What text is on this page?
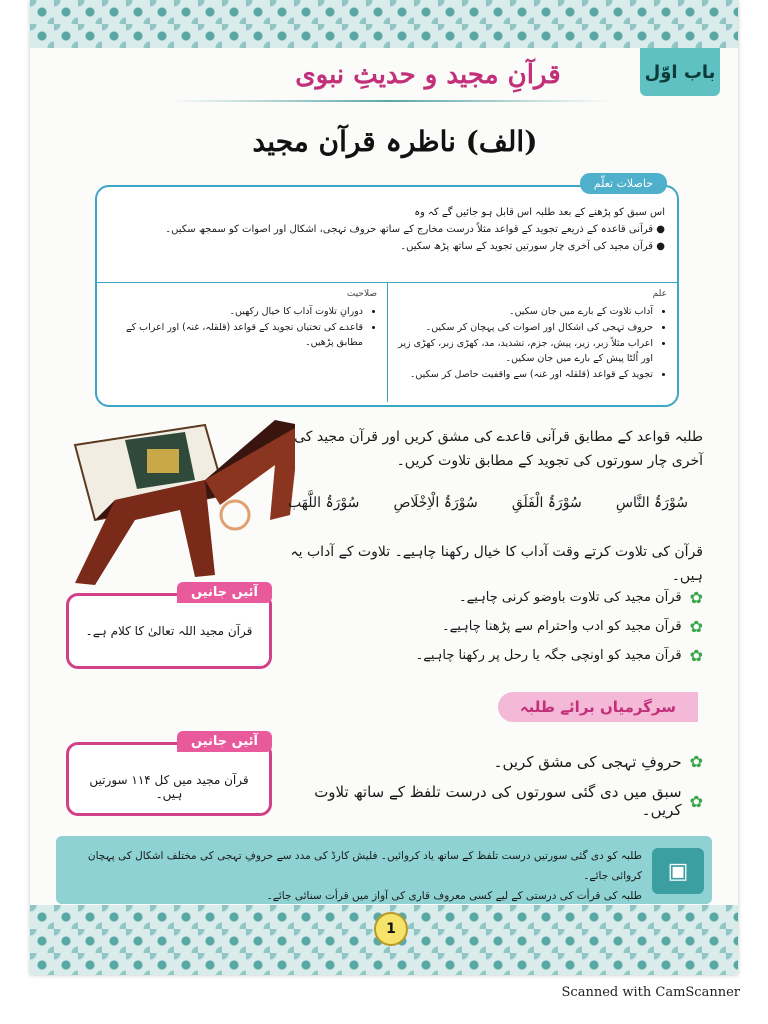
باب اوّل
قرآنِ مجید و حدیثِ نبوی
(الف) ناظرہ قرآن مجید
حاصلات تعلّم

اس سبق کو پڑھنے کے بعد طلبہ اس قابل ہو جائیں گے کہ وہ

● قرآنی قاعدہ کے ذریعے تجوید کے قواعد مثلاً درست مخارج کے ساتھ حروف تہجی، اشکال اور اصوات کو سمجھ سکیں۔

● قرآن مجید کی آخری چار سورتیں تجوید کے ساتھ پڑھ سکیں۔

علم
• آداب تلاوت کے بارے میں جان سکیں۔
• حروف تہجی کی اشکال اور اصوات کی پہچان کر سکیں۔
• اعراب مثلاً زبر، زیر، پیش، جزم، تشدید، مد، کھڑی زبر، کھڑی زیر اور اُلٹا پیش کے بارے میں جان سکیں۔
• تجوید کے قواعد (قلقلہ اور غنہ) سے واقفیت حاصل کر سکیں۔
صلاحیت
• دورانِ تلاوت آداب کا خیال رکھیں۔
• قاعدے کی تختیاں تجوید کے قواعد (قلقلہ، غنہ) اور اعراب کے مطابق پڑھیں۔
طلبہ قواعد کے مطابق قرآنی قاعدے کی مشق کریں اور قرآن مجید کی آخری چار سورتوں کی تجوید کے مطابق تلاوت کریں۔
سُوْرَۃُ النَّاسِ
سُوْرَۃُ الْفَلَقِ
سُوْرَۃُ الْاِخْلَاصِ
سُوْرَۃُ اللَّھَب
قرآن کی تلاوت کرتے وقت آداب کا خیال رکھنا چاہیے۔ تلاوت کے آداب یہ ہیں۔
✿
قرآن مجید کی تلاوت باوضو کرنی چاہیے۔
✿
قرآن مجید کو ادب واحترام سے پڑھنا چاہیے۔
✿
قرآن مجید کو اونچی جگہ یا رحل پر رکھنا چاہیے۔
آئیں جانیں
قرآن مجید اللہ تعالیٰ کا کلام ہے۔
سرگرمیاں برائے طلبہ
آئیں جانیں
قرآن مجید میں کل ۱۱۴ سورتیں ہیں۔
✿
حروفِ تہجی کی مشق کریں۔
✿
سبق میں دی گئی سورتوں کی درست تلفظ کے ساتھ تلاوت کریں۔
▣
طلبہ کو دی گئی سورتیں درست تلفظ کے ساتھ یاد کروائیں۔ فلیش کارڈ کی مدد سے حروفِ تہجی کی مختلف اشکال کی پہچان کروائی جائے۔
طلبہ کی قرأت کی درستی کے لیے کسی معروف قاری کی آواز میں قرأت سنائی جائے۔
1
Scanned with CamScanner
